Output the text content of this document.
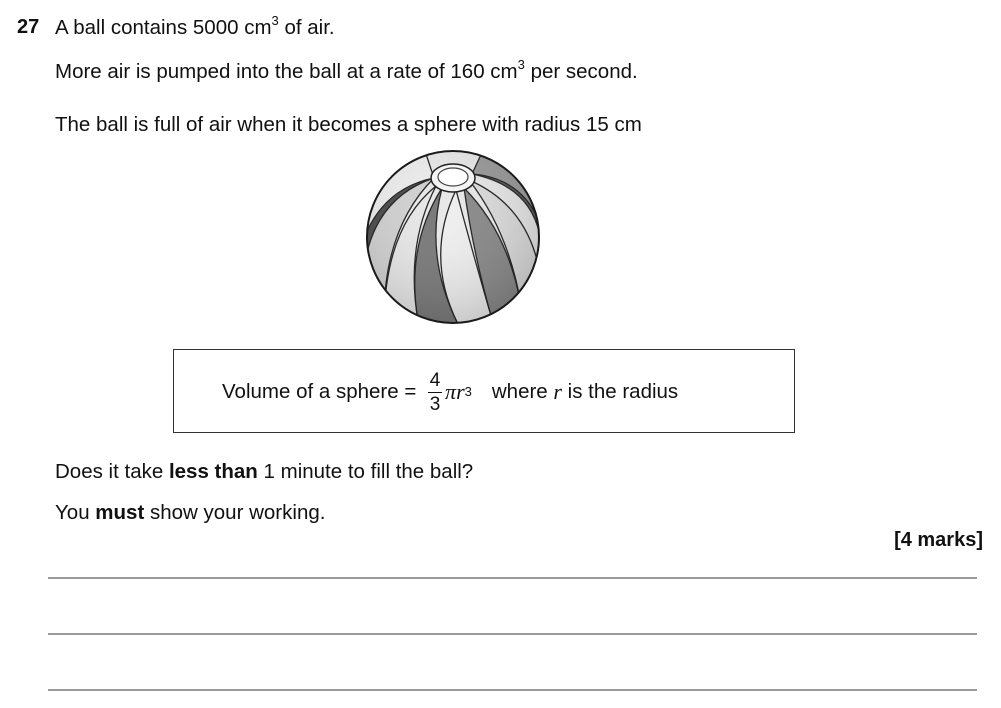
27 A ball contains 5000 $cm^3$ of air.
More air is pumped into the ball at a rate of 160 $cm^3$ per second.
The ball is full of air when it becomes a sphere with radius 15 cm
Volume of a sphere = $\frac{4}{3}$ π r 3 where r is the radius
Does it take less than 1 minute to fill the ball?
You must show your working.
[4 marks]
